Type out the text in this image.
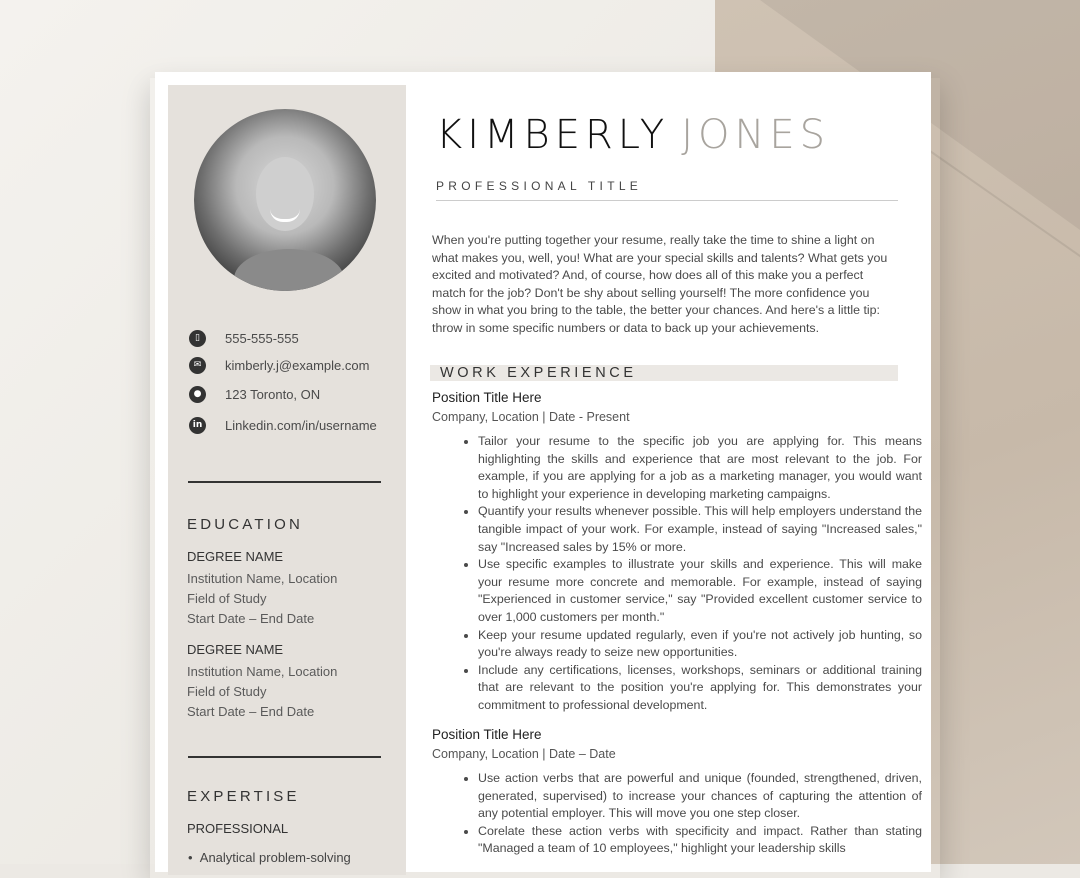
▯	555-555-555
✉	kimberly.j@example.com
●	123 Toronto, ON
in Linkedin.com/in/username
EDUCATION
DEGREE NAME
Institution Name, Location
Field of Study
Start Date – End Date
DEGREE NAME
Institution Name, Location
Field of Study
Start Date – End Date
EXPERTISE
PROFESSIONAL
•  Analytical problem-solving
KIMBERLY JONES
PROFESSIONAL TITLE
When you're putting together your resume, really take the time to shine a light on what makes you, well, you! What are your special skills and talents? What gets you excited and motivated? And, of course, how does all of this make you a perfect match for the job? Don't be shy about selling yourself! The more confidence you show in what you bring to the table, the better your chances. And here's a little tip: throw in some specific numbers or data to back up your achievements.
WORK EXPERIENCE
Position Title Here
Company, Location | Date - Present
• Tailor your resume to the specific job you are applying for. This means highlighting the skills and experience that are most relevant to the job. For example, if you are applying for a job as a marketing manager, you would want to highlight your experience in developing marketing campaigns.
• Quantify your results whenever possible. This will help employers understand the tangible impact of your work. For example, instead of saying "Increased sales," say "Increased sales by 15% or more.
• Use specific examples to illustrate your skills and experience. This will make your resume more concrete and memorable. For example, instead of saying "Experienced in customer service," say "Provided excellent customer service to over 1,000 customers per month."
• Keep your resume updated regularly, even if you're not actively job hunting, so you're always ready to seize new opportunities.
• Include any certifications, licenses, workshops, seminars or additional training that are relevant to the position you're applying for. This demonstrates your commitment to professional development.
Position Title Here
Company, Location | Date – Date
• Use action verbs that are powerful and unique (founded, strengthened, driven, generated, supervised) to increase your chances of capturing the attention of any potential employer. This will move you one step closer.
• Corelate these action verbs with specificity and impact. Rather than stating "Managed a team of 10 employees," highlight your leadership skills
